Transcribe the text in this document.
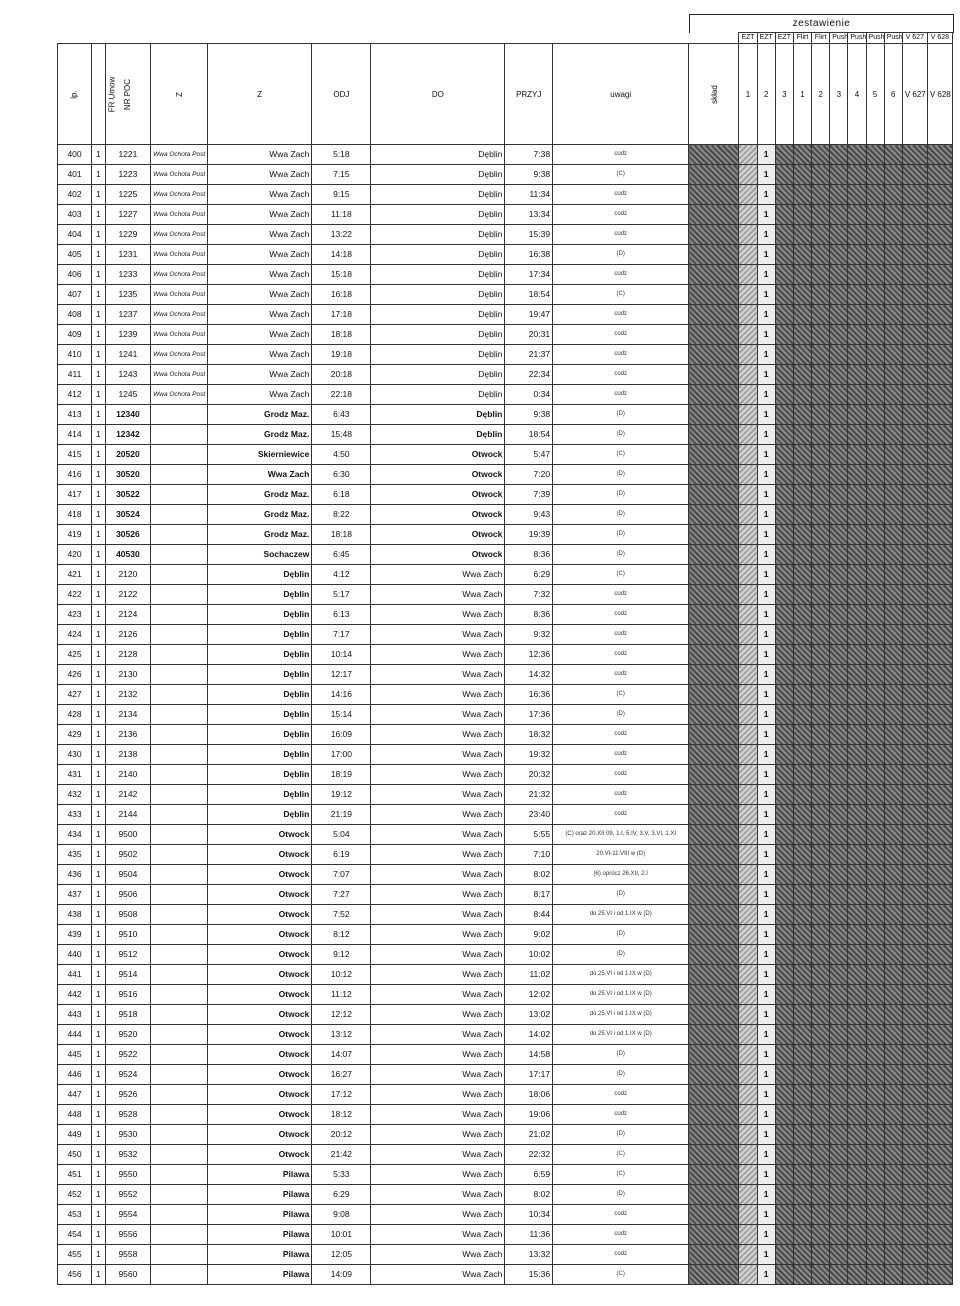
zestawienie
										EZT	EZT	EZT	Flirt	Flirt	Push	Push	Push	Push	V 627	V 628
lp.	FR Umow	NR POC	Z	Z	ODJ	DO	PRZYJ	uwagi	skład	1	2	3	1	2	3	4	5	6	V 627	V 628
400	1	1221	Wwa Ochota Post	Wwa Zach	5:18	Dęblin	7:38	codz			1									
401	1	1223	Wwa Ochota Post	Wwa Zach	7:15	Dęblin	9:38	(C)			1									
402	1	1225	Wwa Ochota Post	Wwa Zach	9:15	Dęblin	11:34	codz			1									
403	1	1227	Wwa Ochota Post	Wwa Zach	11:18	Dęblin	13:34	codz			1									
404	1	1229	Wwa Ochota Post	Wwa Zach	13:22	Dęblin	15:39	codz			1									
405	1	1231	Wwa Ochota Post	Wwa Zach	14:18	Dęblin	16:38	(D)			1									
406	1	1233	Wwa Ochota Post	Wwa Zach	15:18	Dęblin	17:34	codz			1									
407	1	1235	Wwa Ochota Post	Wwa Zach	16:18	Dęblin	18:54	(C)			1									
408	1	1237	Wwa Ochota Post	Wwa Zach	17:18	Dęblin	19:47	codz			1									
409	1	1239	Wwa Ochota Post	Wwa Zach	18:18	Dęblin	20:31	codz			1									
410	1	1241	Wwa Ochota Post	Wwa Zach	19:18	Dęblin	21:37	codz			1									
411	1	1243	Wwa Ochota Post	Wwa Zach	20:18	Dęblin	22:34	codz			1									
412	1	1245	Wwa Ochota Post	Wwa Zach	22:18	Dęblin	0:34	codz			1									
413	1	12340		Grodz Maz.	6:43	Dęblin	9:38	(D)			1									
414	1	12342		Grodz Maz.	15:48	Dęblin	18:54	(D)			1									
415	1	20520		Skierniewice	4:50	Otwock	5:47	(C)			1									
416	1	30520		Wwa Zach	6:30	Otwock	7:20	(D)			1									
417	1	30522		Grodz Maz.	6:18	Otwock	7:39	(D)			1									
418	1	30524		Grodz Maz.	8:22	Otwock	9:43	(D)			1									
419	1	30526		Grodz Maz.	18:18	Otwock	19:39	(D)			1									
420	1	40530		Sochaczew	6:45	Otwock	8:36	(D)			1									
421	1	2120		Dęblin	4:12	Wwa Zach	6:29	(C)			1									
422	1	2122		Dęblin	5:17	Wwa Zach	7:32	codz			1									
423	1	2124		Dęblin	6:13	Wwa Zach	8:36	codz			1									
424	1	2126		Dęblin	7:17	Wwa Zach	9:32	codz			1									
425	1	2128		Dęblin	10:14	Wwa Zach	12:36	codz			1									
426	1	2130		Dęblin	12:17	Wwa Zach	14:32	codz			1									
427	1	2132		Dęblin	14:16	Wwa Zach	16:36	(C)			1									
428	1	2134		Dęblin	15:14	Wwa Zach	17:36	(D)			1									
429	1	2136		Dęblin	16:09	Wwa Zach	18:32	codz			1									
430	1	2138		Dęblin	17:00	Wwa Zach	19:32	codz			1									
431	1	2140		Dęblin	18:19	Wwa Zach	20:32	codz			1									
432	1	2142		Dęblin	19:12	Wwa Zach	21:32	codz			1									
433	1	2144		Dęblin	21:19	Wwa Zach	23:40	codz			1									
434	1	9500		Otwock	5:04	Wwa Zach	5:55	(C) oraz 20.XII 09, 1.I, 5.IV, 3.V, 3.VI, 1.XI			1									
435	1	9502		Otwock	6:19	Wwa Zach	7:10	20.VI-11.VIII w (D)			1									
436	1	9504		Otwock	7:07	Wwa Zach	8:02	(6) oprócz 26.XII, 2.I			1									
437	1	9506		Otwock	7:27	Wwa Zach	8:17	(D)			1									
438	1	9508		Otwock	7:52	Wwa Zach	8:44	do 25.VI i od 1.IX w (D)			1									
439	1	9510		Otwock	8:12	Wwa Zach	9:02	(D)			1									
440	1	9512		Otwock	9:12	Wwa Zach	10:02	(D)			1									
441	1	9514		Otwock	10:12	Wwa Zach	11:02	do 25.VI i od 1.IX w (D)			1									
442	1	9516		Otwock	11:12	Wwa Zach	12:02	do 25.VI i od 1.IX w (D)			1									
443	1	9518		Otwock	12:12	Wwa Zach	13:02	do 25.VI i od 1.IX w (D)			1									
444	1	9520		Otwock	13:12	Wwa Zach	14:02	do 25.VI i od 1.IX w (D)			1									
445	1	9522		Otwock	14:07	Wwa Zach	14:58	(D)			1									
446	1	9524		Otwock	16:27	Wwa Zach	17:17	(D)			1									
447	1	9526		Otwock	17:12	Wwa Zach	18:06	codz			1									
448	1	9528		Otwock	18:12	Wwa Zach	19:06	codz			1									
449	1	9530		Otwock	20:12	Wwa Zach	21:02	(D)			1									
450	1	9532		Otwock	21:42	Wwa Zach	22:32	(C)			1									
451	1	9550		Pilawa	5:33	Wwa Zach	6:59	(C)			1									
452	1	9552		Pilawa	6:29	Wwa Zach	8:02	(D)			1									
453	1	9554		Pilawa	9:08	Wwa Zach	10:34	codz			1									
454	1	9556		Pilawa	10:01	Wwa Zach	11:36	codz			1									
455	1	9558		Pilawa	12:05	Wwa Zach	13:32	codz			1									
456	1	9560		Pilawa	14:09	Wwa Zach	15:36	(C)			1									
